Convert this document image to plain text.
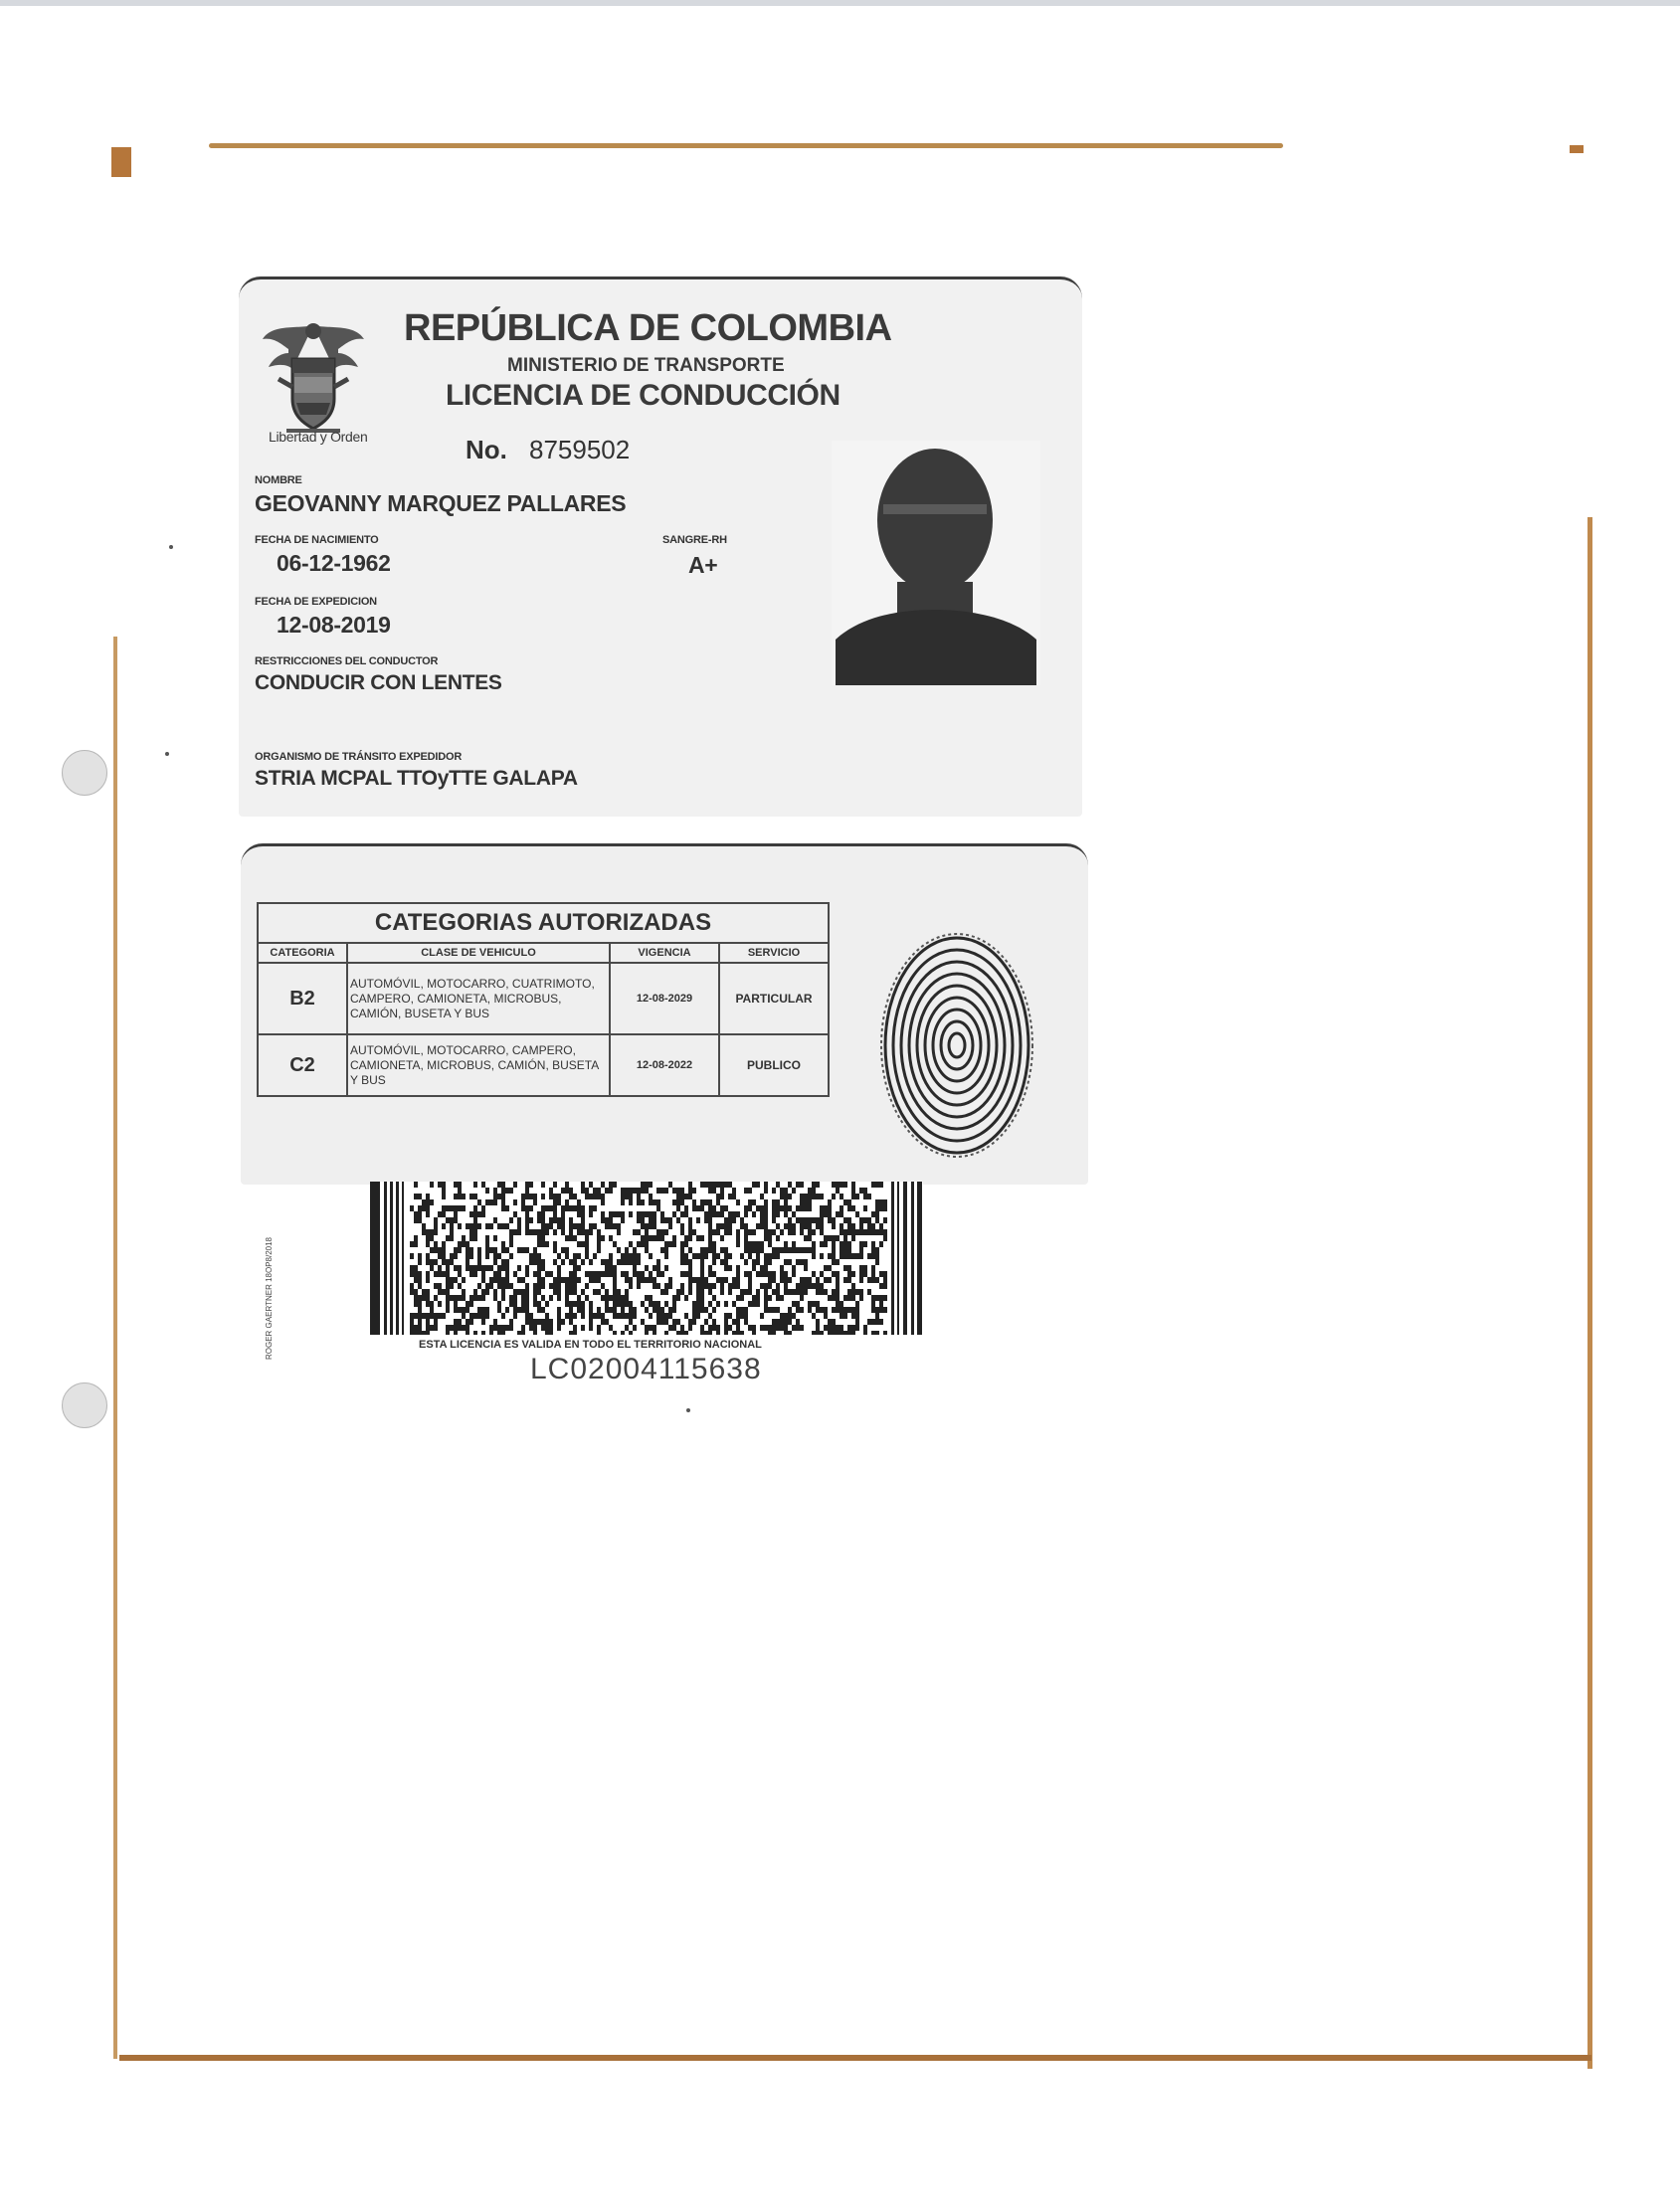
Libertad y Orden
REPÚBLICA DE COLOMBIA
MINISTERIO DE TRANSPORTE
LICENCIA DE CONDUCCIÓN
No. 8759502
NOMBRE
GEOVANNY MARQUEZ PALLARES
FECHA DE NACIMIENTO
06-12-1962
SANGRE-RH
A+
FECHA DE EXPEDICION
12-08-2019
RESTRICCIONES DEL CONDUCTOR
CONDUCIR CON LENTES
ORGANISMO DE TRÁNSITO EXPEDIDOR
STRIA MCPAL TTOyTTE GALAPA
CATEGORIAS AUTORIZADAS			
CATEGORIA	CLASE DE VEHICULO	VIGENCIA	SERVICIO
B2	AUTOMÓVIL, MOTOCARRO, CUATRIMOTO, CAMPERO, CAMIONETA, MICROBUS, CAMIÓN, BUSETA Y BUS	12-08-2029	PARTICULAR
C2	AUTOMÓVIL, MOTOCARRO, CAMPERO, CAMIONETA, MICROBUS, CAMIÓN, BUSETA Y BUS	12-08-2022	PUBLICO
ESTA LICENCIA ES VALIDA EN TODO EL TERRITORIO NACIONAL
LC02004115638
ROGER GAERTNER 18OP8/2018
